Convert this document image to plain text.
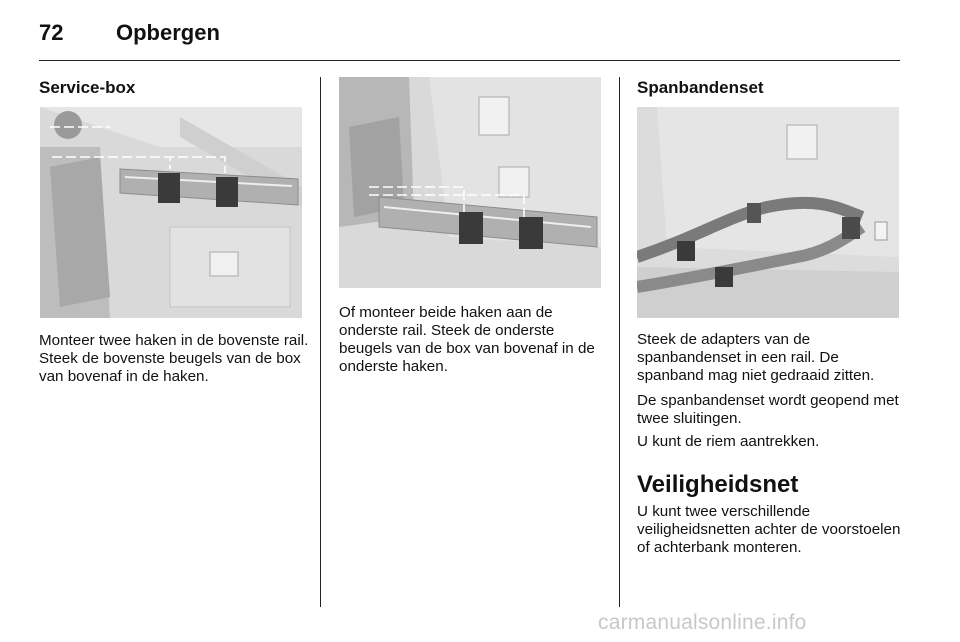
72 Opbergen
Service-box

Monteer twee haken in de bovenste rail. Steek de bovenste beugels van de box van bovenaf in de haken.

Of monteer beide haken aan de onderste rail. Steek de onderste beugels van de box van bovenaf in de onderste haken.

Spanbandenset

Steek de adapters van de spanbandenset in een rail. De spanband mag niet gedraaid zitten.

De spanbandenset wordt geopend met twee sluitingen.

U kunt de riem aantrekken.

Veiligheidsnet

U kunt twee verschillende veiligheidsnetten achter de voorstoelen of achterbank monteren.

carmanualsonline.info
